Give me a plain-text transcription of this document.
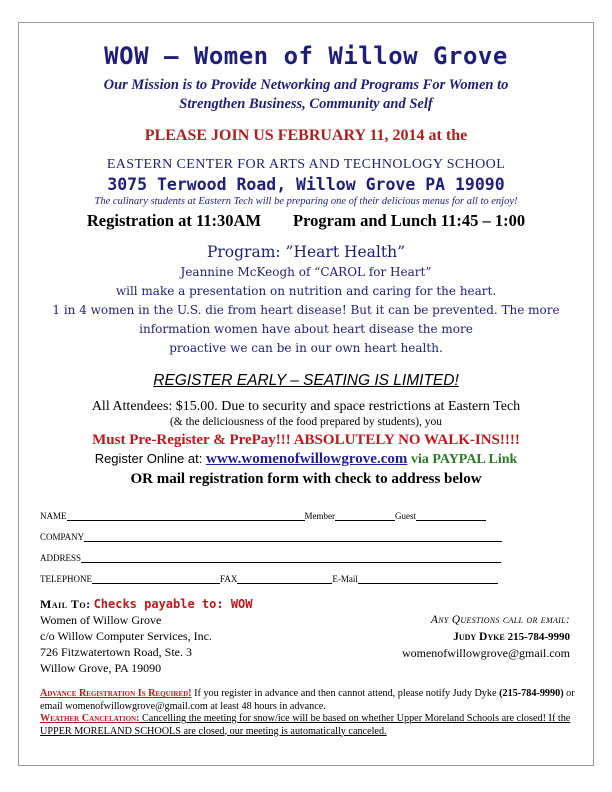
WOW – Women of Willow Grove
Our Mission is to Provide Networking and Programs For Women to
Strengthen Business, Community and Self
PLEASE JOIN US FEBRUARY 11, 2014 at the
EASTERN CENTER FOR ARTS AND TECHNOLOGY SCHOOL
3075 Terwood Road, Willow Grove PA 19090
The culinary students at Eastern Tech will be preparing one of their delicious menus for all to enjoy!
Registration at 11:30AM Program and Lunch 11:45 – 1:00
Program: ”Heart Health”
Jeannine McKeogh of “CAROL for Heart”
will make a presentation on nutrition and caring for the heart.
1 in 4 women in the U.S. die from heart disease! But it can be prevented. The more
information women have about heart disease the more
proactive we can be in our own heart health.
REGISTER EARLY – SEATING IS LIMITED!
All Attendees: $15.00. Due to security and space restrictions at Eastern Tech
(& the deliciousness of the food prepared by students), you
Must Pre-Register & PrePay!!! ABSOLUTELY NO WALK-INS!!!!
Register Online at: www.womenofwillowgrove.com via PAYPAL Link
OR mail registration form with check to address below
NAME	Member	Guest
COMPANY
ADDRESS
TELEPHONE	FAX	E-Mail
Mail To: Checks payable to: WOW
Women of Willow Grove
c/o Willow Computer Services, Inc.
726 Fitzwatertown Road, Ste. 3
Willow Grove, PA 19090
Any Questions call or email:
Judy Dyke 215-784-9990
womenofwillowgrove@gmail.com
Advance Registration Is Required! If you register in advance and then cannot attend, please notify Judy Dyke (215-784-9990) or email womenofwillowgrove@gmail.com at least 48 hours in advance.
Weather Cancelation: Cancelling the meeting for snow/ice will be based on whether Upper Moreland Schools are closed! If the UPPER MORELAND SCHOOLS are closed, our meeting is automatically canceled.
